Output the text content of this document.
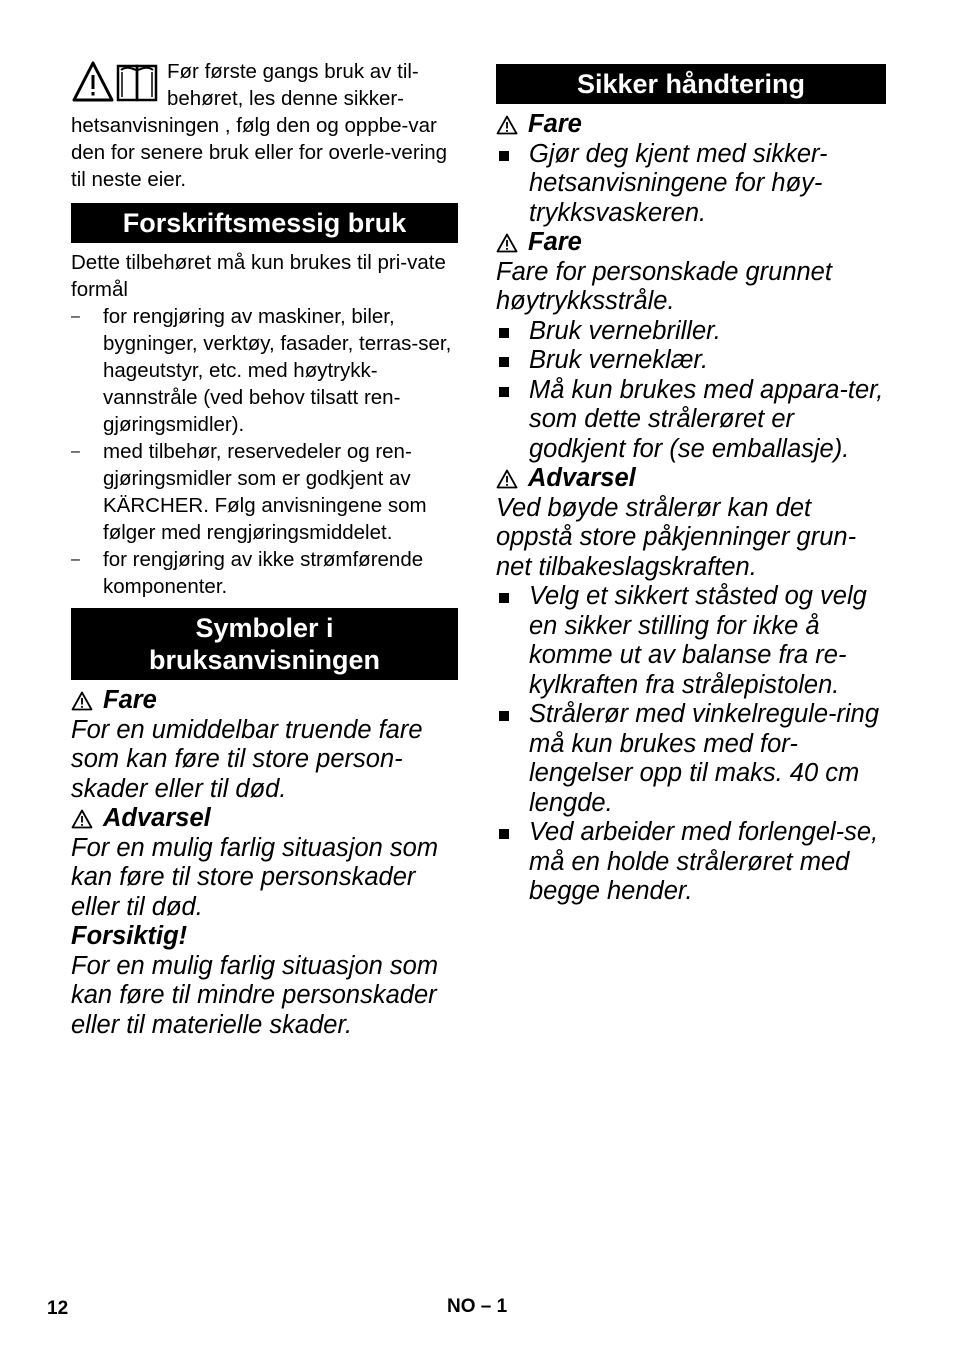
Før første gangs bruk av til-
behøret, les denne sikker-
hetsanvisningen , følg den og oppbe-var den for senere bruk eller for overle-vering til neste eier.
Forskriftsmessig bruk
Dette tilbehøret må kun brukes til pri-vate formål
– for rengjøring av maskiner, biler, bygninger, verktøy, fasader, terras-ser, hageutstyr, etc. med høytrykk-vannstråle (ved behov tilsatt ren-gjøringsmidler).
– med tilbehør, reservedeler og ren-gjøringsmidler som er godkjent av KÄRCHER. Følg anvisningene som følger med rengjøringsmiddelet.
– for rengjøring av ikke strømførende komponenter.
Symboler i bruksanvisningen
Fare
For en umiddelbar truende fare som kan føre til store person-skader eller til død.
Advarsel
For en mulig farlig situasjon som kan føre til store personskader eller til død.
Forsiktig!
For en mulig farlig situasjon som kan føre til mindre personskader eller til materielle skader.
Sikker håndtering
Fare
Gjør deg kjent med sikker-hetsanvisningene for høy-trykksvaskeren.
Fare
Fare for personskade grunnet høytrykksstråle.
Bruk vernebriller.
Bruk verneklær.
Må kun brukes med appara-ter, som dette strålerøret er godkjent for (se emballasje).
Advarsel
Ved bøyde strålerør kan det oppstå store påkjenninger grun-net tilbakeslagskraften.
Velg et sikkert ståsted og velg en sikker stilling for ikke å komme ut av balanse fra re-kylkraften fra strålepistolen.
Strålerør med vinkelregule-ring må kun brukes med for-lengelser opp til maks. 40 cm lengde.
Ved arbeider med forlengel-se, må en holde strålerøret med begge hender.
12	NO – 1
